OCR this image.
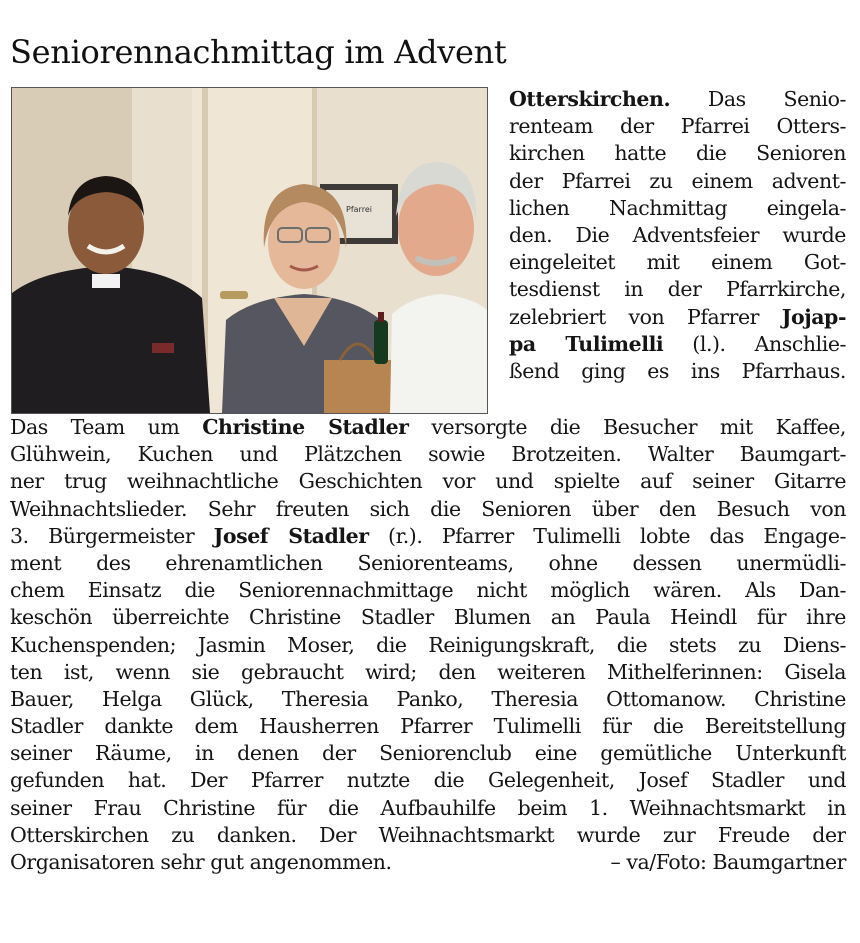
Seniorennachmittag im Advent
Pfarrei
Otterskirchen. Das Senio-
renteam der Pfarrei Otters-
kirchen hatte die Senioren
der Pfarrei zu einem advent-
lichen Nachmittag eingela-
den. Die Adventsfeier wurde
eingeleitet mit einem Got-
tesdienst in der Pfarrkirche,
zelebriert von Pfarrer Jojap-
pa Tulimelli (l.). Anschlie-
ßend ging es ins Pfarrhaus.
Das Team um Christine Stadler versorgte die Besucher mit Kaffee,
Glühwein, Kuchen und Plätzchen sowie Brotzeiten. Walter Baumgart-
ner trug weihnachtliche Geschichten vor und spielte auf seiner Gitarre
Weihnachtslieder. Sehr freuten sich die Senioren über den Besuch von
3. Bürgermeister Josef Stadler (r.). Pfarrer Tulimelli lobte das Engage-
ment des ehrenamtlichen Seniorenteams, ohne dessen unermüdli-
chem Einsatz die Seniorennachmittage nicht möglich wären. Als Dan-
keschön überreichte Christine Stadler Blumen an Paula Heindl für ihre
Kuchenspenden; Jasmin Moser, die Reinigungskraft, die stets zu Diens-
ten ist, wenn sie gebraucht wird; den weiteren Mithelferinnen: Gisela
Bauer, Helga Glück, Theresia Panko, Theresia Ottomanow. Christine
Stadler dankte dem Hausherren Pfarrer Tulimelli für die Bereitstellung
seiner Räume, in denen der Seniorenclub eine gemütliche Unterkunft
gefunden hat. Der Pfarrer nutzte die Gelegenheit, Josef Stadler und
seiner Frau Christine für die Aufbauhilfe beim 1. Weihnachtsmarkt in
Otterskirchen zu danken. Der Weihnachtsmarkt wurde zur Freude der
Organisatoren sehr gut angenommen.	– va/Foto: Baumgartner
